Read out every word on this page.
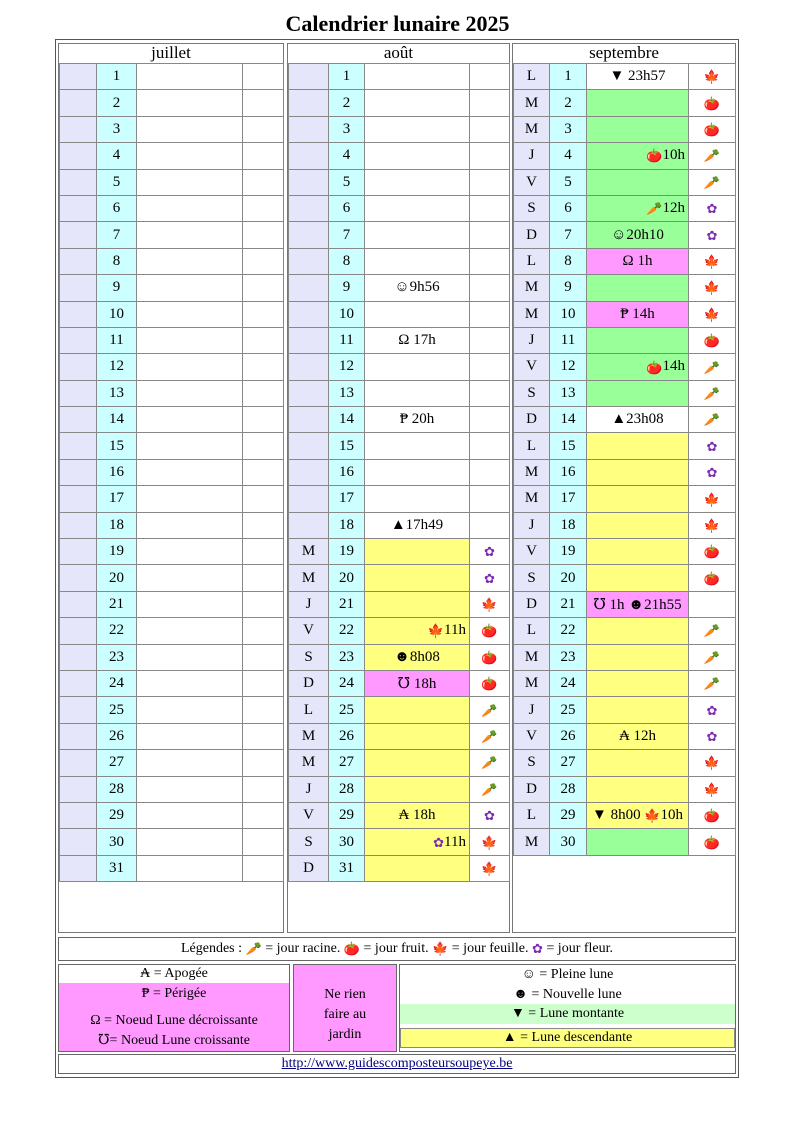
Calendrier lunaire 2025
juillet	août	septembre
	1		
	2		
	3		
	4		
	5		
	6		
	7		
	8		
	9		
	10		
	11		
	12		
	13		
	14		
	15		
	16		
	17		
	18		
	19		
	20		
	21		
	22		
	23		
	24		
	25		
	26		
	27		
	28		
	29		
	30		
	31		
	1		
	2		
	3		
	4		
	5		
	6		
	7		
	8		
	9	☺9h56	
	10		
	11	Ω 17h	
	12		
	13		
	14	₱ 20h	
	15		
	16		
	17		
	18	▲17h49	
M	19		✿
M	20		✿
J	21		🍁
V	22	🍁11h	🍅
S	23	☻8h08	🍅
D	24	℧ 18h	🍅
L	25		🥕
M	26		🥕
M	27		🥕
J	28		🥕
V	29	₳ 18h	✿
S	30	✿11h	🍁
D	31		🍁
L	1	▼ 23h57	🍁
M	2		🍅
M	3		🍅
J	4	🍅10h	🥕
V	5		🥕
S	6	🥕12h	✿
D	7	☺20h10	✿
L	8	Ω 1h	🍁
M	9		🍁
M	10	₱ 14h	🍁
J	11		🍅
V	12	🍅14h	🥕
S	13		🥕
D	14	▲23h08	🥕
L	15		✿
M	16		✿
M	17		🍁
J	18		🍁
V	19		🍅
S	20		🍅
D	21	℧ 1h ☻21h55	
L	22		🥕
M	23		🥕
M	24		🥕
J	25		✿
V	26	₳ 12h	✿
S	27		🍁
D	28		🍁
L	29	▼ 8h00 🍁10h	🍅
M	30		🍅
Légendes : 🥕 = jour racine. 🍅 = jour fruit. 🍁 = jour feuille. ✿ = jour fleur.
₳ = Apogée
₱ = Périgée
Ω = Noeud Lune décroissante
℧= Noeud Lune croissante
Ne rien
faire au
jardin
☺ = Pleine lune
☻ = Nouvelle lune
▼ = Lune montante
▲ = Lune descendante
http://www.guidescomposteursoupeye.be
